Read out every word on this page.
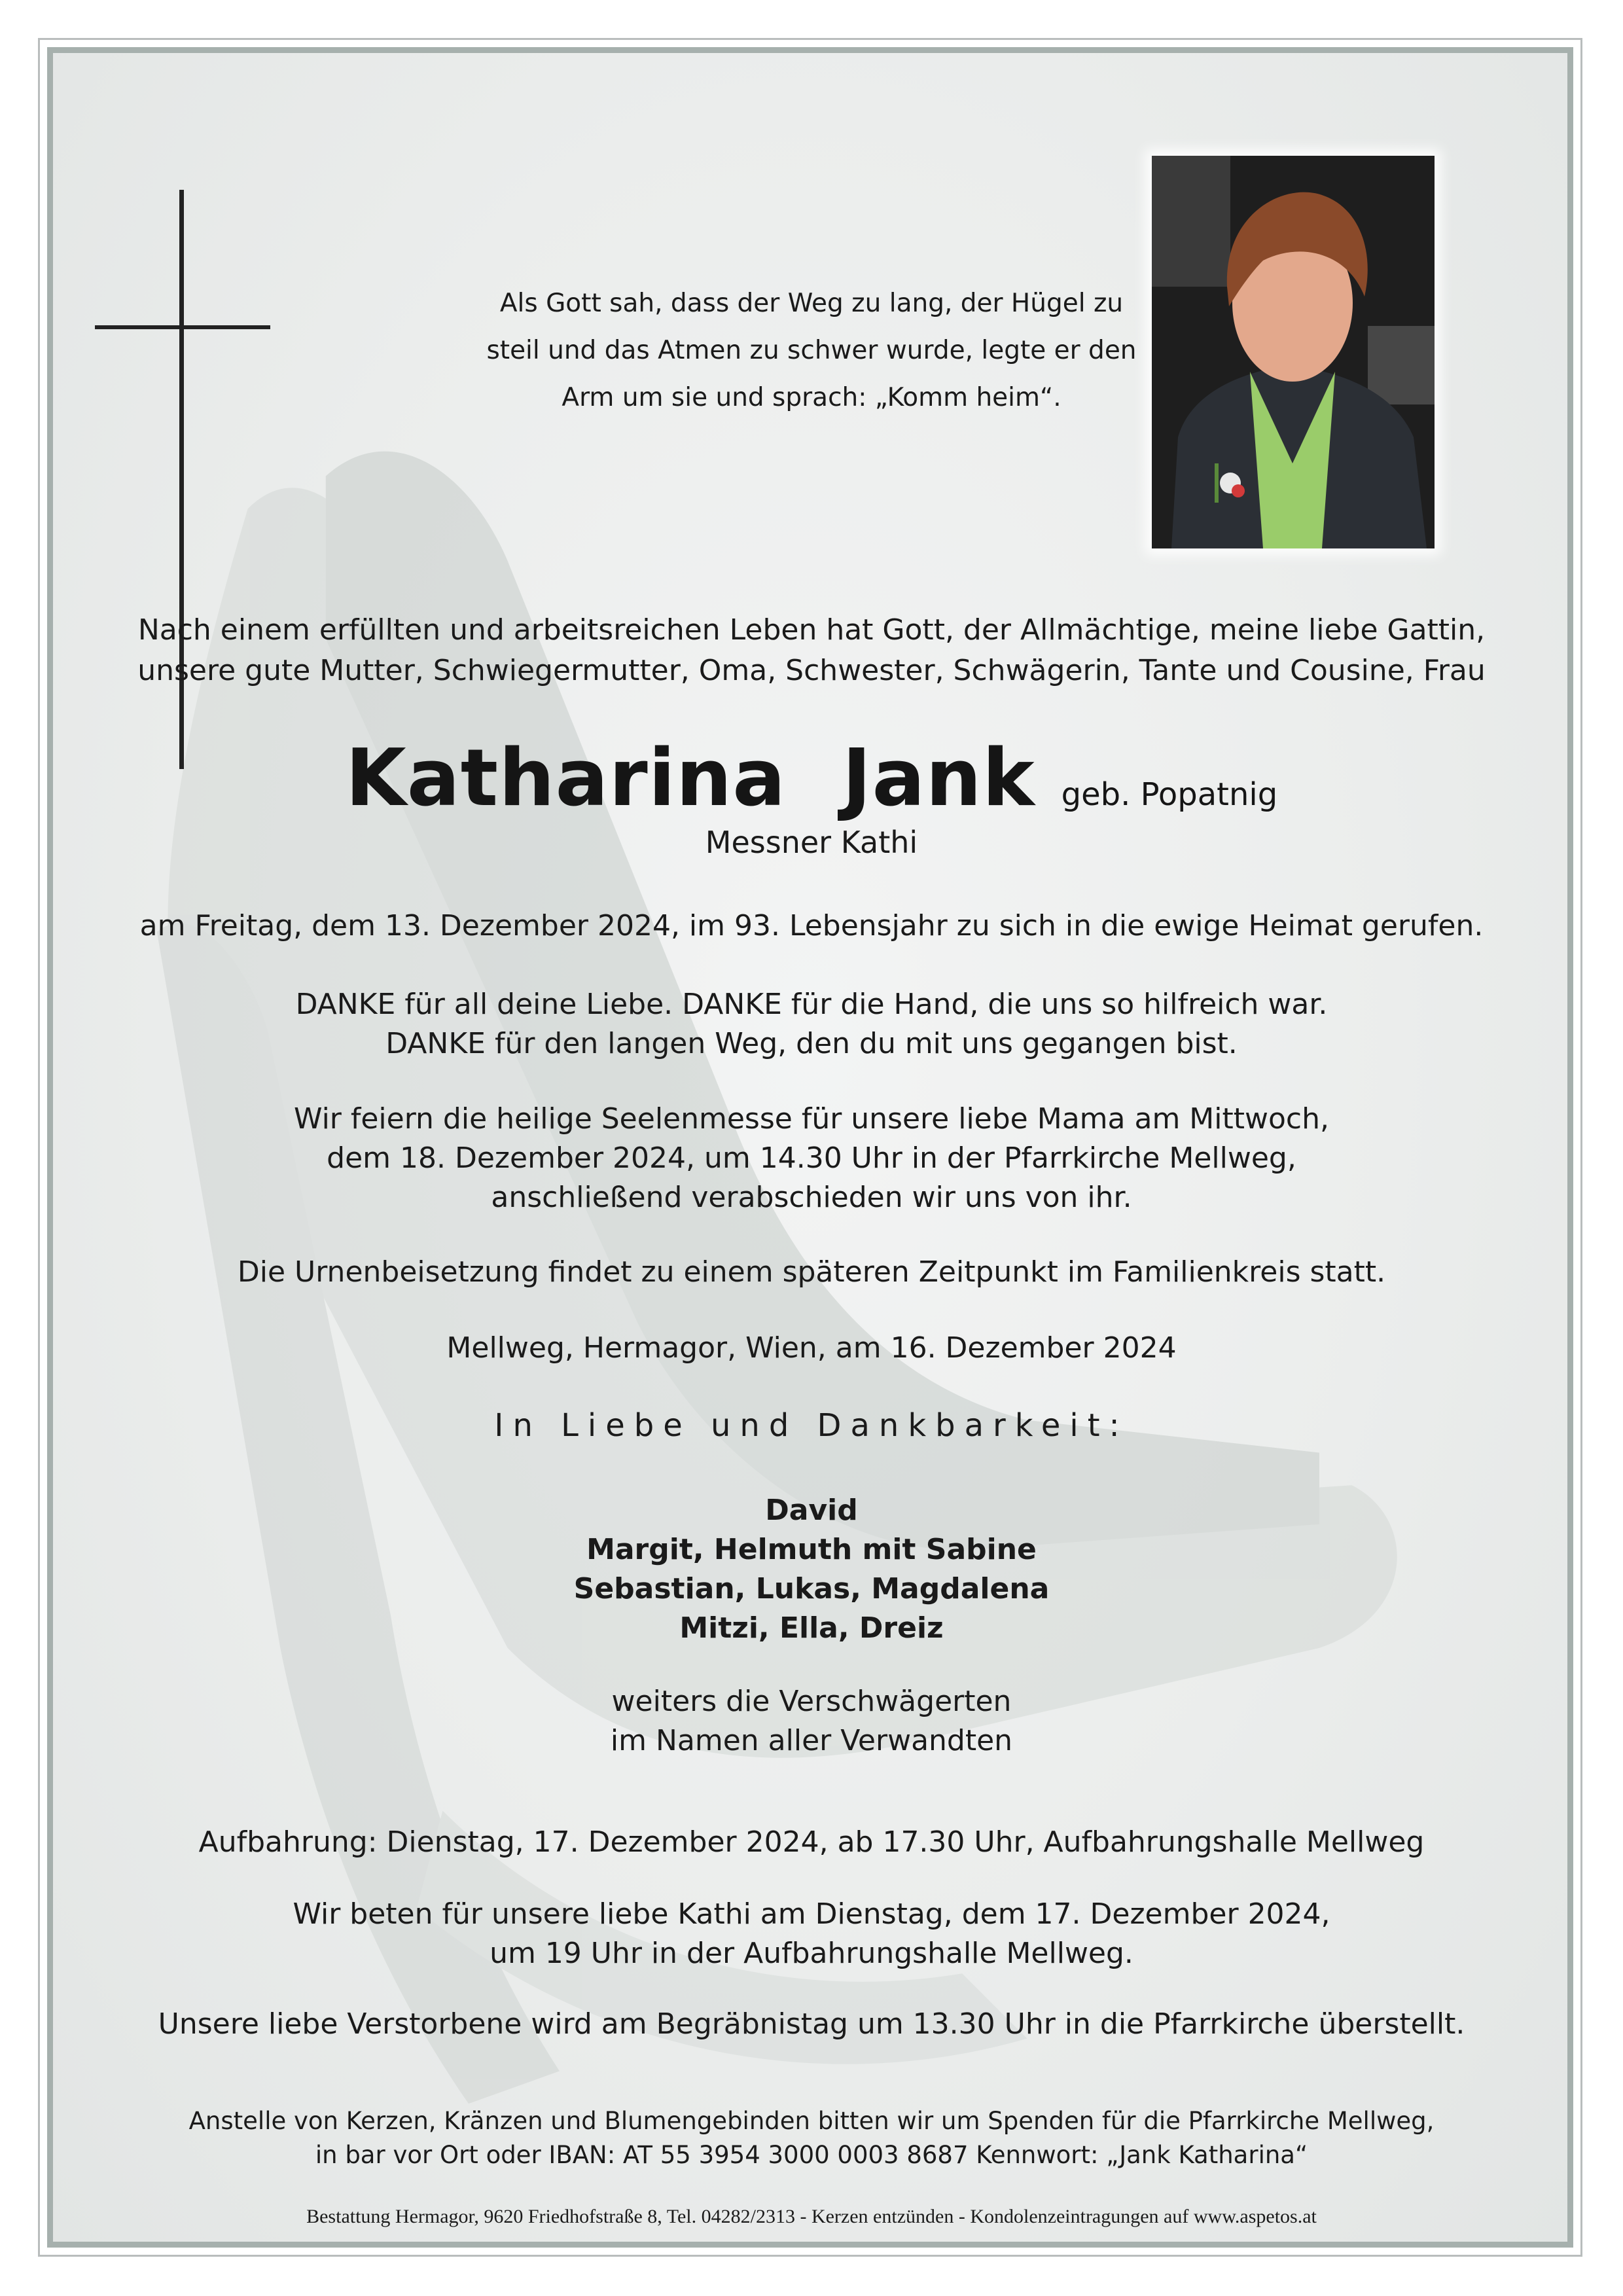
Als Gott sah, dass der Weg zu lang, der Hügel zu
steil und das Atmen zu schwer wurde, legte er den
Arm um sie und sprach: „Komm heim“.
Nach einem erfüllten und arbeitsreichen Leben hat Gott, der Allmächtige, meine liebe Gattin,
unsere gute Mutter, Schwiegermutter, Oma, Schwester, Schwägerin, Tante und Cousine, Frau
Katharina  Jank geb. Popatnig
Messner Kathi
am Freitag, dem 13. Dezember 2024, im 93. Lebensjahr zu sich in die ewige Heimat gerufen.
DANKE für all deine Liebe. DANKE für die Hand, die uns so hilfreich war.
DANKE für den langen Weg, den du mit uns gegangen bist.
Wir feiern die heilige Seelenmesse für unsere liebe Mama am Mittwoch,
dem 18. Dezember 2024, um 14.30 Uhr in der Pfarrkirche Mellweg,
anschließend verabschieden wir uns von ihr.
Die Urnenbeisetzung findet zu einem späteren Zeitpunkt im Familienkreis statt.
Mellweg, Hermagor, Wien, am 16. Dezember 2024
In Liebe und Dankbarkeit:
David
Margit, Helmuth mit Sabine
Sebastian, Lukas, Magdalena
Mitzi, Ella, Dreiz
weiters die Verschwägerten
im Namen aller Verwandten
Aufbahrung: Dienstag, 17. Dezember 2024, ab 17.30 Uhr, Aufbahrungshalle Mellweg
Wir beten für unsere liebe Kathi am Dienstag, dem 17. Dezember 2024,
um 19 Uhr in der Aufbahrungshalle Mellweg.
Unsere liebe Verstorbene wird am Begräbnistag um 13.30 Uhr in die Pfarrkirche überstellt.
Anstelle von Kerzen, Kränzen und Blumengebinden bitten wir um Spenden für die Pfarrkirche Mellweg,
in bar vor Ort oder IBAN: AT 55 3954 3000 0003 8687 Kennwort: „Jank Katharina“
Bestattung Hermagor, 9620 Friedhofstraße 8, Tel. 04282/2313 - Kerzen entzünden - Kondolenzeintragungen auf www.aspetos.at
